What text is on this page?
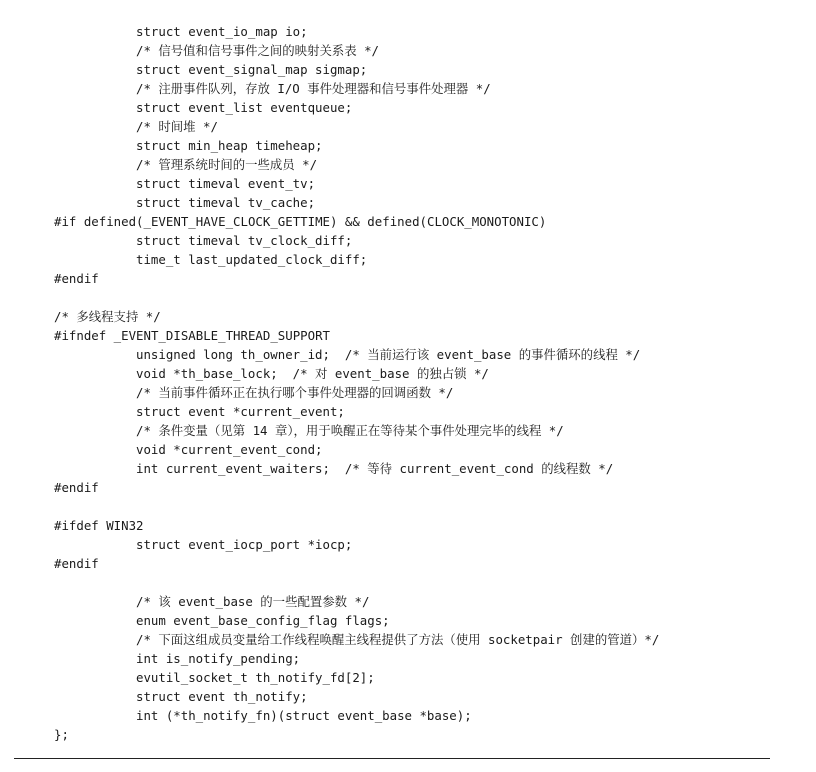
struct event_io_map io;
/* 信号值和信号事件之间的映射关系表 */
struct event_signal_map sigmap;
/* 注册事件队列，存放 I/O 事件处理器和信号事件处理器 */
struct event_list eventqueue;
/* 时间堆 */
struct min_heap timeheap;
/* 管理系统时间的一些成员 */
struct timeval event_tv;
struct timeval tv_cache;
#if defined(_EVENT_HAVE_CLOCK_GETTIME) && defined(CLOCK_MONOTONIC)
struct timeval tv_clock_diff;
time_t last_updated_clock_diff;
#endif
/* 多线程支持 */
#ifndef _EVENT_DISABLE_THREAD_SUPPORT
unsigned long th_owner_id;  /* 当前运行该 event_base 的事件循环的线程 */
void *th_base_lock;  /* 对 event_base 的独占锁 */
/* 当前事件循环正在执行哪个事件处理器的回调函数 */
struct event *current_event;
/* 条件变量（见第 14 章），用于唤醒正在等待某个事件处理完毕的线程 */
void *current_event_cond;
int current_event_waiters;  /* 等待 current_event_cond 的线程数 */
#endif
#ifdef WIN32
struct event_iocp_port *iocp;
#endif
/* 该 event_base 的一些配置参数 */
enum event_base_config_flag flags;
/* 下面这组成员变量给工作线程唤醒主线程提供了方法（使用 socketpair 创建的管道）*/
int is_notify_pending;
evutil_socket_t th_notify_fd[2];
struct event th_notify;
int (*th_notify_fn)(struct event_base *base);
};
